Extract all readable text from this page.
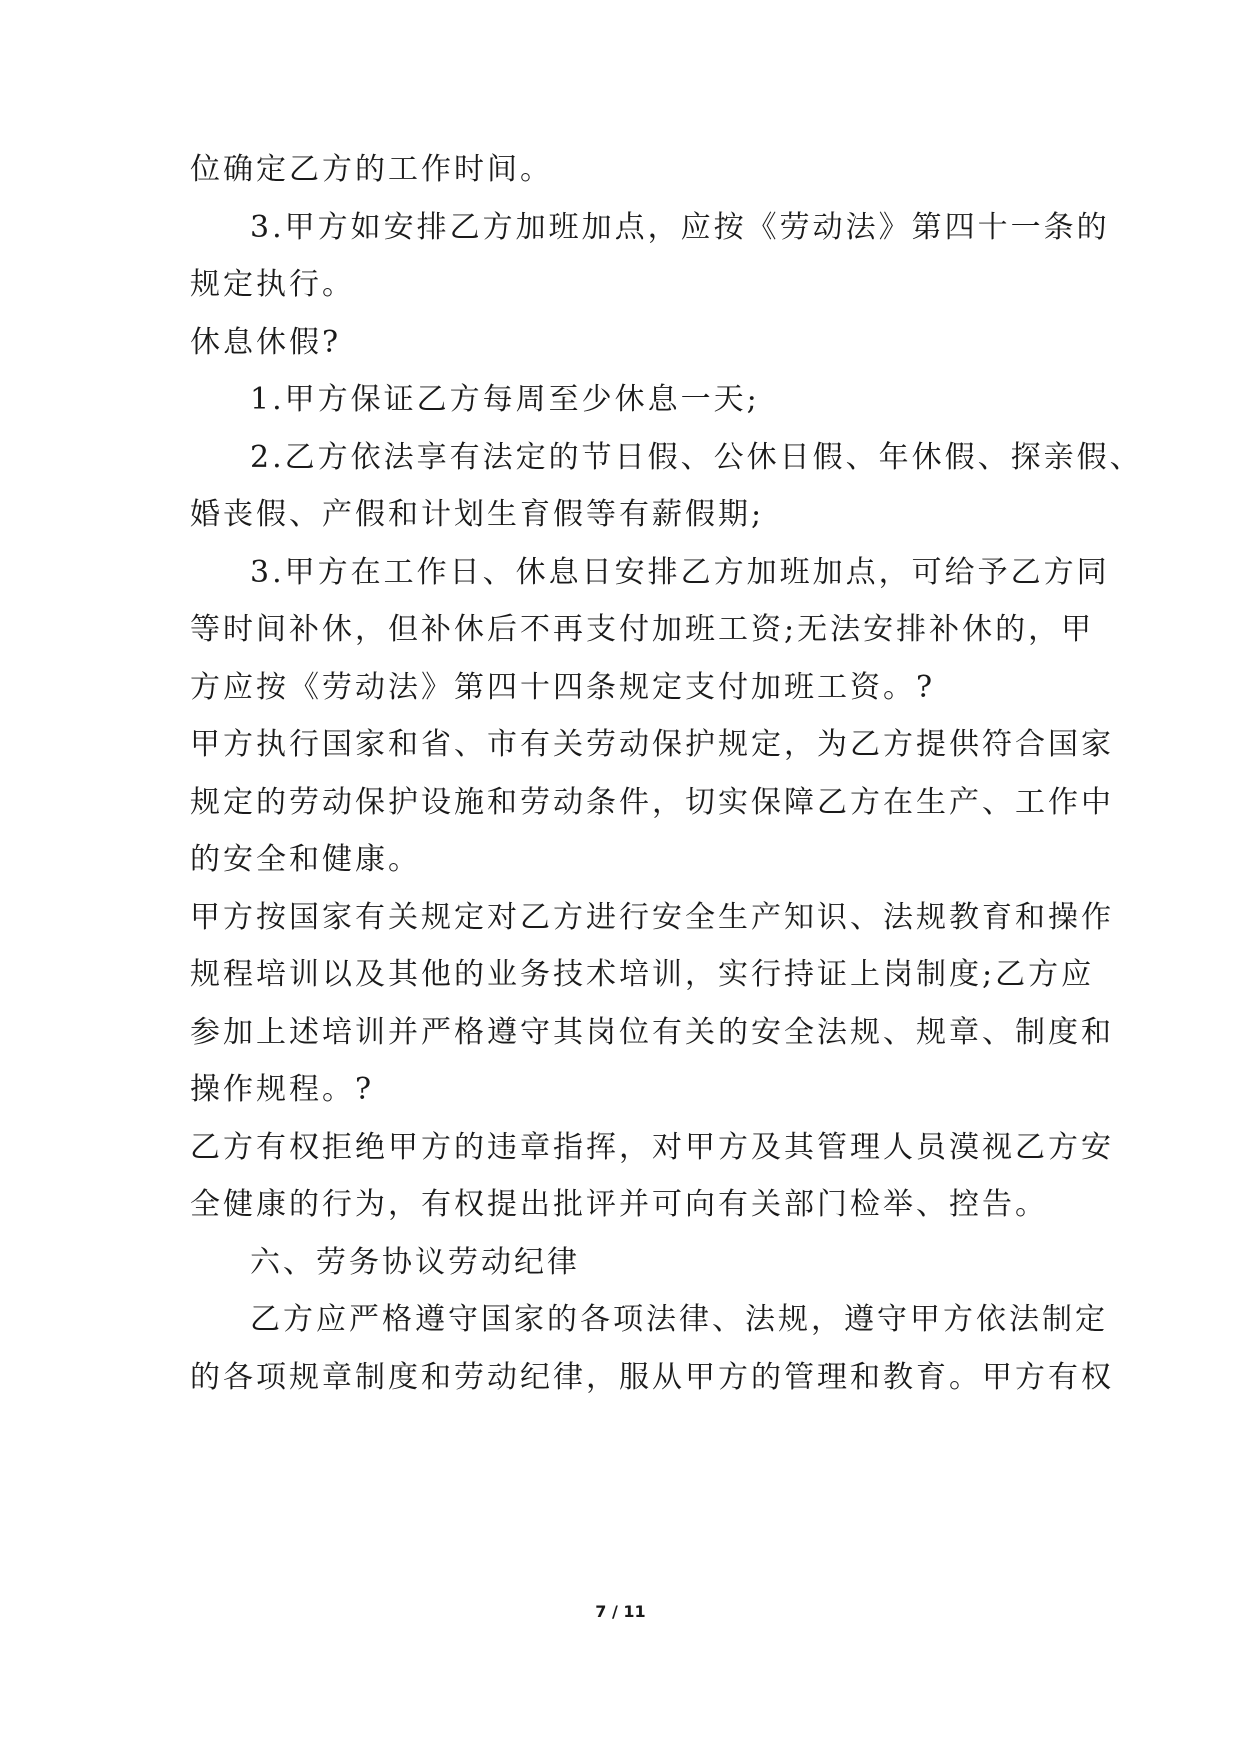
位确定乙方的工作时间。
3.甲方如安排乙方加班加点，应按《劳动法》第四十一条的
规定执行。
休息休假?
1.甲方保证乙方每周至少休息一天;
2.乙方依法享有法定的节日假、公休日假、年休假、探亲假、
婚丧假、产假和计划生育假等有薪假期;
3.甲方在工作日、休息日安排乙方加班加点，可给予乙方同
等时间补休，但补休后不再支付加班工资;无法安排补休的，甲
方应按《劳动法》第四十四条规定支付加班工资。?
甲方执行国家和省、市有关劳动保护规定，为乙方提供符合国家
规定的劳动保护设施和劳动条件，切实保障乙方在生产、工作中
的安全和健康。
甲方按国家有关规定对乙方进行安全生产知识、法规教育和操作
规程培训以及其他的业务技术培训，实行持证上岗制度;乙方应
参加上述培训并严格遵守其岗位有关的安全法规、规章、制度和
操作规程。?
乙方有权拒绝甲方的违章指挥，对甲方及其管理人员漠视乙方安
全健康的行为，有权提出批评并可向有关部门检举、控告。
六、劳务协议劳动纪律
乙方应严格遵守国家的各项法律、法规，遵守甲方依法制定
的各项规章制度和劳动纪律，服从甲方的管理和教育。甲方有权
7 / 11
